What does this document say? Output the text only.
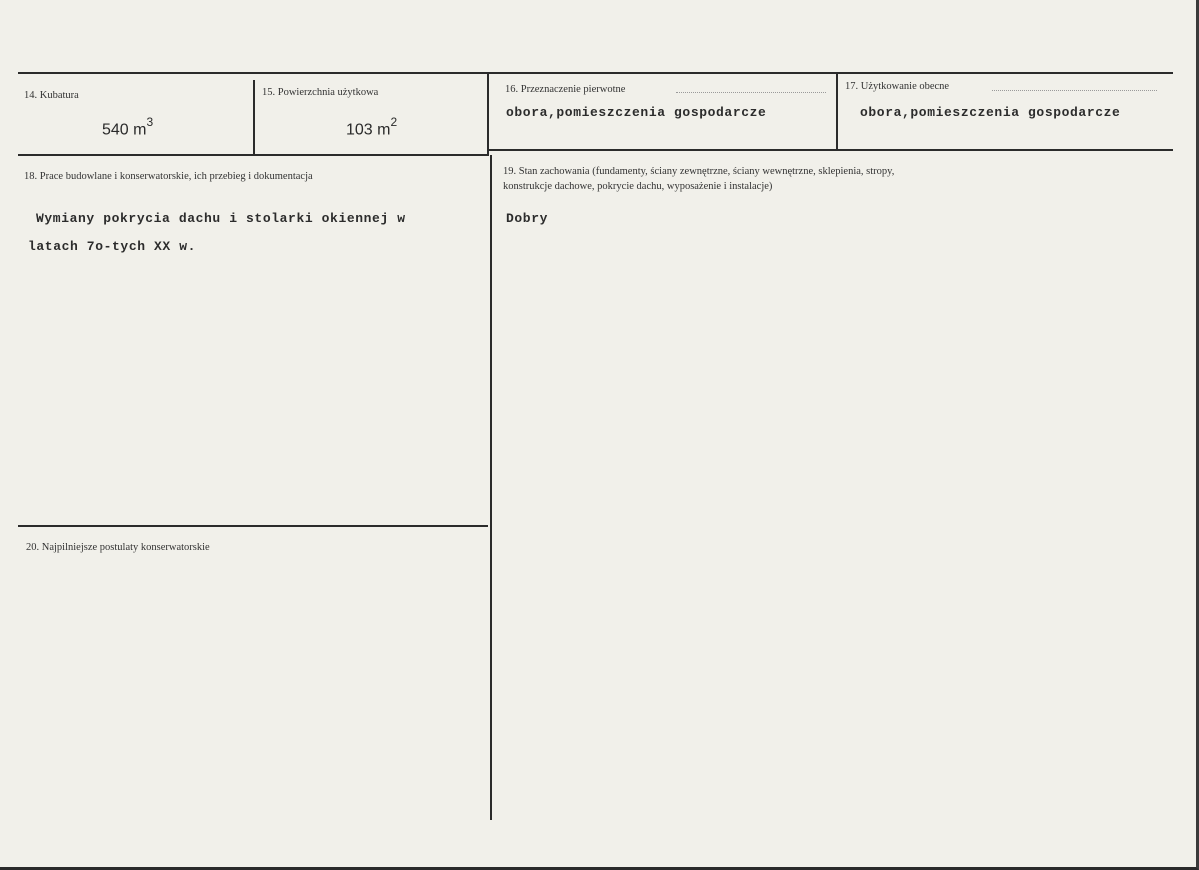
14. Kubatura
540 $m^3$
15. Powierzchnia użytkowa
103 $m^2$
16. Przeznaczenie pierwotne
obora,pomieszczenia gospodarcze
17. Użytkowanie obecne
obora,pomieszczenia gospodarcze
18. Prace budowlane i konserwatorskie, ich przebieg i dokumentacja
Wymiany pokrycia dachu i stolarki okiennej w
latach 7o-tych XX w.
19. Stan zachowania (fundamenty, ściany zewnętrzne, ściany wewnętrzne, sklepienia, stropy,
konstrukcje dachowe, pokrycie dachu, wyposażenie i instalacje)
Dobry
20. Najpilniejsze postulaty konserwatorskie
